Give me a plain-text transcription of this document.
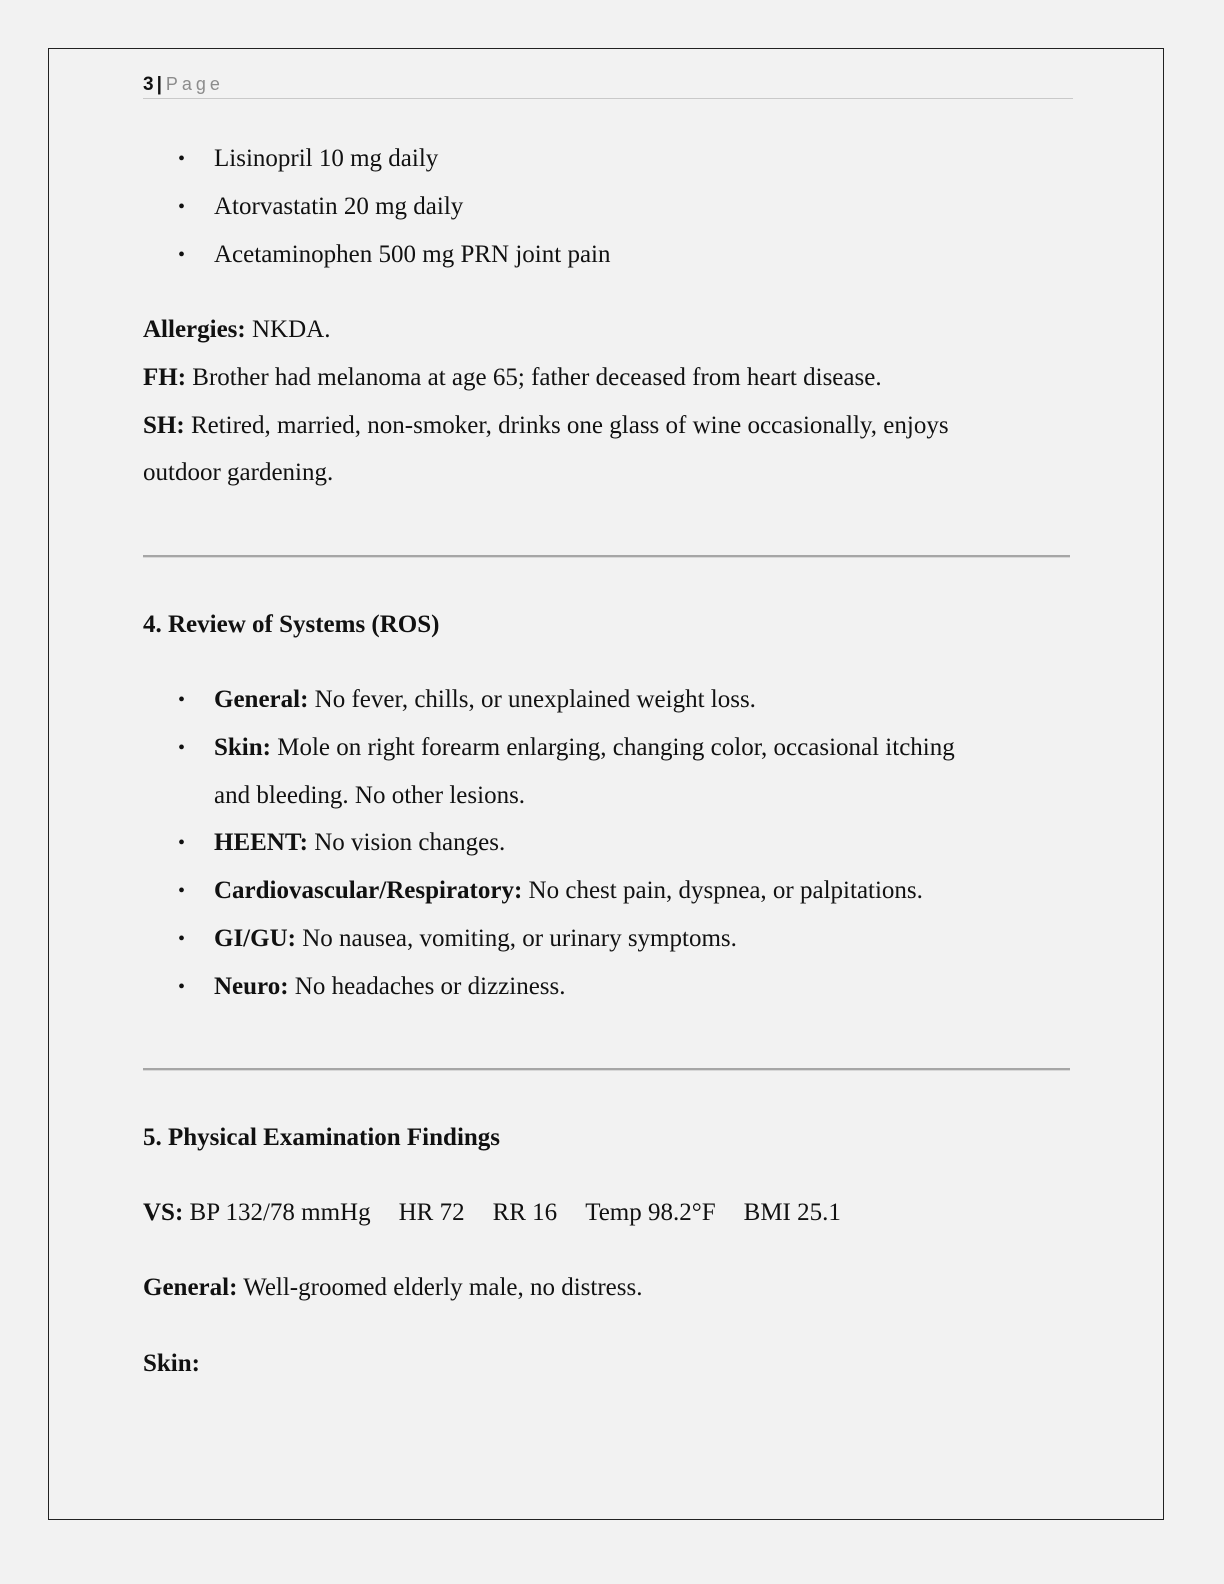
3 | Page
• Lisinopril 10 mg daily
• Atorvastatin 20 mg daily
• Acetaminophen 500 mg PRN joint pain
Allergies: NKDA.
FH: Brother had melanoma at age 65; father deceased from heart disease.
SH: Retired, married, non-smoker, drinks one glass of wine occasionally, enjoys
outdoor gardening.
4. Review of Systems (ROS)
• General: No fever, chills, or unexplained weight loss.
• Skin: Mole on right forearm enlarging, changing color, occasional itching
and bleeding. No other lesions.
• HEENT: No vision changes.
• Cardiovascular/Respiratory: No chest pain, dyspnea, or palpitations.
• GI/GU: No nausea, vomiting, or urinary symptoms.
• Neuro: No headaches or dizziness.
5. Physical Examination Findings
VS: BP 132/78 mmHg HR 72 RR 16 Temp 98.2°F BMI 25.1
General: Well-groomed elderly male, no distress.
Skin:
